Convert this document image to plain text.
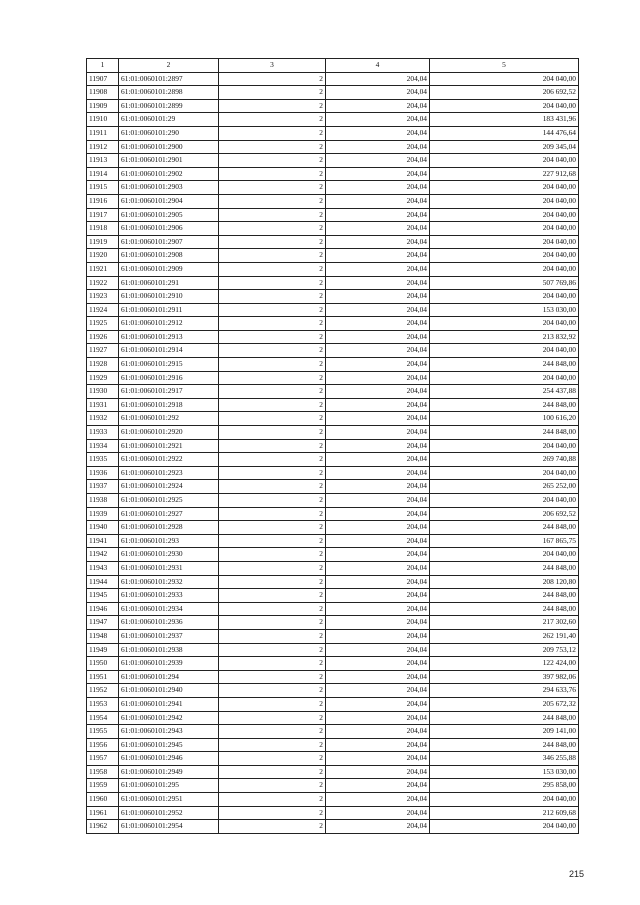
1	2	3	4	5
11907	61:01:0060101:2897	2	204,04	204 040,00
11908	61:01:0060101:2898	2	204,04	206 692,52
11909	61:01:0060101:2899	2	204,04	204 040,00
11910	61:01:0060101:29	2	204,04	183 431,96
11911	61:01:0060101:290	2	204,04	144 476,64
11912	61:01:0060101:2900	2	204,04	209 345,04
11913	61:01:0060101:2901	2	204,04	204 040,00
11914	61:01:0060101:2902	2	204,04	227 912,68
11915	61:01:0060101:2903	2	204,04	204 040,00
11916	61:01:0060101:2904	2	204,04	204 040,00
11917	61:01:0060101:2905	2	204,04	204 040,00
11918	61:01:0060101:2906	2	204,04	204 040,00
11919	61:01:0060101:2907	2	204,04	204 040,00
11920	61:01:0060101:2908	2	204,04	204 040,00
11921	61:01:0060101:2909	2	204,04	204 040,00
11922	61:01:0060101:291	2	204,04	507 769,86
11923	61:01:0060101:2910	2	204,04	204 040,00
11924	61:01:0060101:2911	2	204,04	153 030,00
11925	61:01:0060101:2912	2	204,04	204 040,00
11926	61:01:0060101:2913	2	204,04	213 832,92
11927	61:01:0060101:2914	2	204,04	204 040,00
11928	61:01:0060101:2915	2	204,04	244 848,00
11929	61:01:0060101:2916	2	204,04	204 040,00
11930	61:01:0060101:2917	2	204,04	254 437,88
11931	61:01:0060101:2918	2	204,04	244 848,00
11932	61:01:0060101:292	2	204,04	100 616,20
11933	61:01:0060101:2920	2	204,04	244 848,00
11934	61:01:0060101:2921	2	204,04	204 040,00
11935	61:01:0060101:2922	2	204,04	269 740,88
11936	61:01:0060101:2923	2	204,04	204 040,00
11937	61:01:0060101:2924	2	204,04	265 252,00
11938	61:01:0060101:2925	2	204,04	204 040,00
11939	61:01:0060101:2927	2	204,04	206 692,52
11940	61:01:0060101:2928	2	204,04	244 848,00
11941	61:01:0060101:293	2	204,04	167 865,75
11942	61:01:0060101:2930	2	204,04	204 040,00
11943	61:01:0060101:2931	2	204,04	244 848,00
11944	61:01:0060101:2932	2	204,04	208 120,80
11945	61:01:0060101:2933	2	204,04	244 848,00
11946	61:01:0060101:2934	2	204,04	244 848,00
11947	61:01:0060101:2936	2	204,04	217 302,60
11948	61:01:0060101:2937	2	204,04	262 191,40
11949	61:01:0060101:2938	2	204,04	209 753,12
11950	61:01:0060101:2939	2	204,04	122 424,00
11951	61:01:0060101:294	2	204,04	397 982,06
11952	61:01:0060101:2940	2	204,04	294 633,76
11953	61:01:0060101:2941	2	204,04	205 672,32
11954	61:01:0060101:2942	2	204,04	244 848,00
11955	61:01:0060101:2943	2	204,04	209 141,00
11956	61:01:0060101:2945	2	204,04	244 848,00
11957	61:01:0060101:2946	2	204,04	346 255,88
11958	61:01:0060101:2949	2	204,04	153 030,00
11959	61:01:0060101:295	2	204,04	295 858,00
11960	61:01:0060101:2951	2	204,04	204 040,00
11961	61:01:0060101:2952	2	204,04	212 609,68
11962	61:01:0060101:2954	2	204,04	204 040,00
215
